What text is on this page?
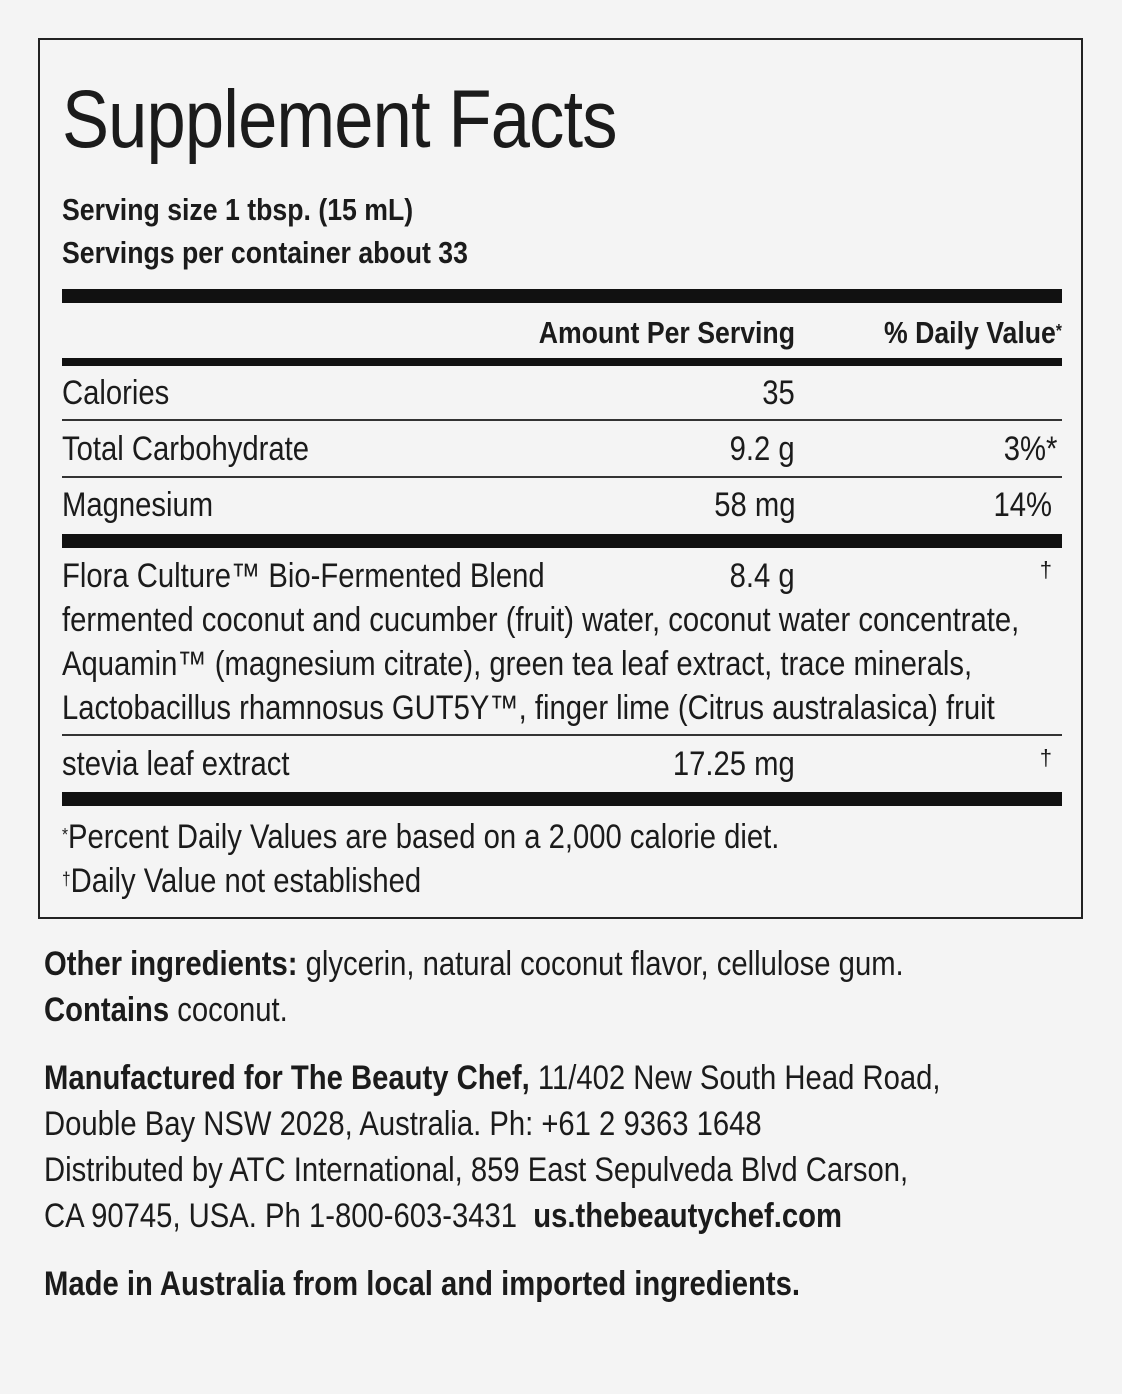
Supplement Facts
Serving size 1 tbsp. (15 mL)
Servings per container about 33
Amount Per Serving	% Daily Value*
Calories	35
Total Carbohydrate	9.2 g	3%*
Magnesium	58 mg	14%
Flora Culture™ Bio-Fermented Blend	8.4 g	†
fermented coconut and cucumber (fruit) water, coconut water concentrate,
Aquamin™ (magnesium citrate), green tea leaf extract, trace minerals,
Lactobacillus rhamnosus GUT5Y™, finger lime (Citrus australasica) fruit
stevia leaf extract	17.25 mg	†
*Percent Daily Values are based on a 2,000 calorie diet.
†Daily Value not established
Other ingredients: glycerin, natural coconut flavor, cellulose gum.
Contains coconut.
Manufactured for The Beauty Chef, 11/402 New South Head Road,
Double Bay NSW 2028, Australia. Ph: +61 2 9363 1648
Distributed by ATC International, 859 East Sepulveda Blvd Carson,
CA 90745, USA. Ph 1-800-603-3431 us.thebeautychef.com
Made in Australia from local and imported ingredients.
